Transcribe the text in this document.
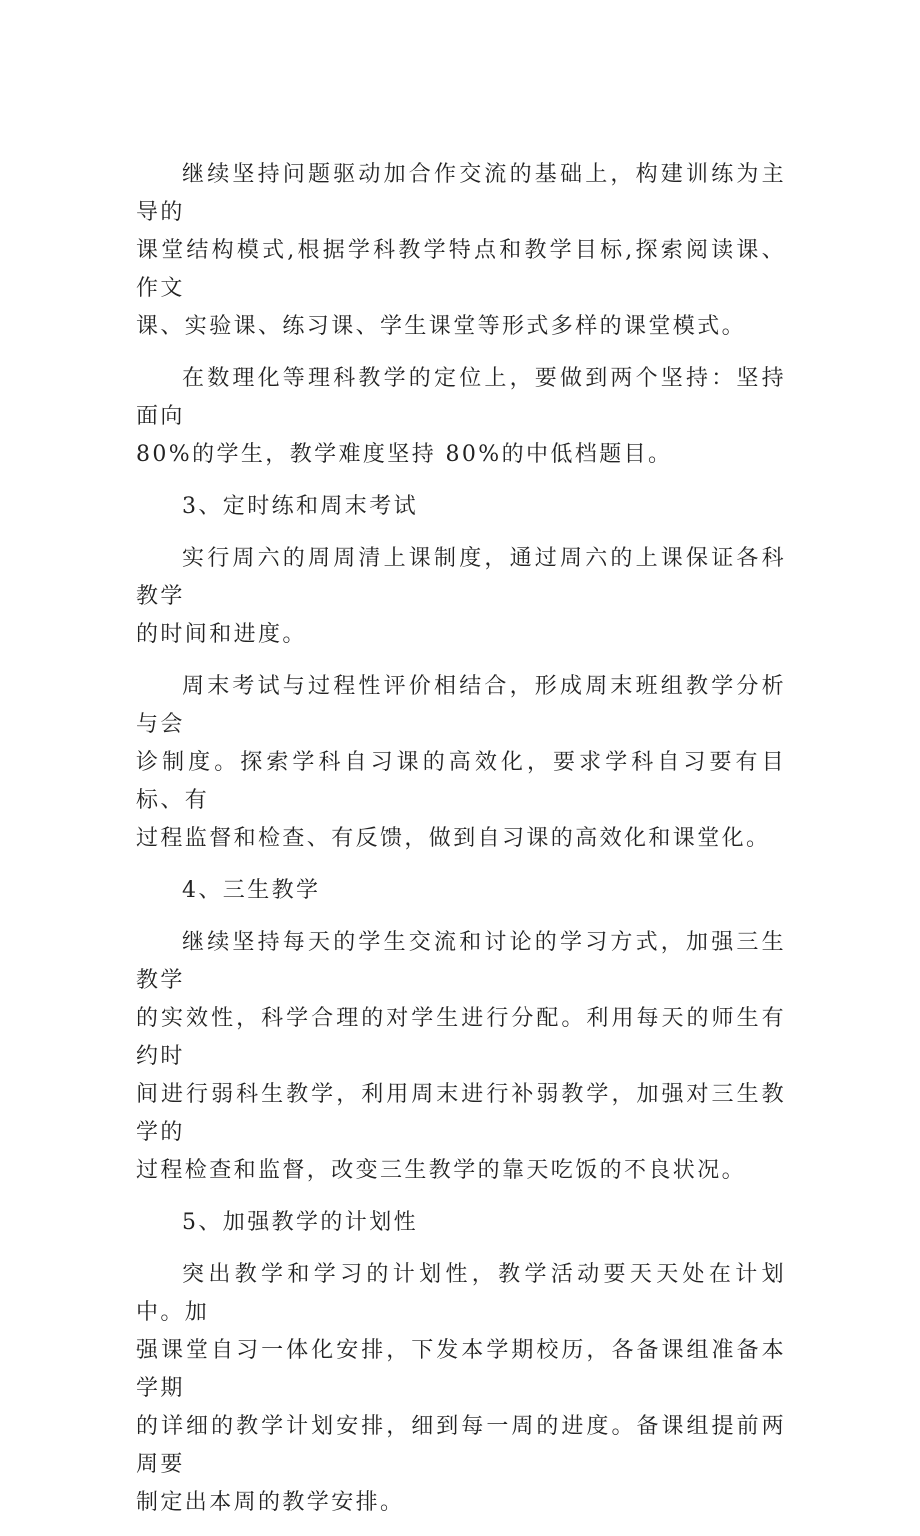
继续坚持问题驱动加合作交流的基础上，构建训练为主导的
课堂结构模式,根据学科教学特点和教学目标,探索阅读课、作文
课、实验课、练习课、学生课堂等形式多样的课堂模式。

在数理化等理科教学的定位上，要做到两个坚持：坚持面向
80%的学生，教学难度坚持 80%的中低档题目。

3、定时练和周末考试

实行周六的周周清上课制度，通过周六的上课保证各科教学
的时间和进度。

周末考试与过程性评价相结合，形成周末班组教学分析与会
诊制度。探索学科自习课的高效化，要求学科自习要有目标、有
过程监督和检查、有反馈，做到自习课的高效化和课堂化。

4、三生教学

继续坚持每天的学生交流和讨论的学习方式，加强三生教学
的实效性，科学合理的对学生进行分配。利用每天的师生有约时
间进行弱科生教学，利用周末进行补弱教学，加强对三生教学的
过程检查和监督，改变三生教学的靠天吃饭的不良状况。

5、加强教学的计划性

突出教学和学习的计划性，教学活动要天天处在计划中。加
强课堂自习一体化安排，下发本学期校历，各备课组准备本学期
的详细的教学计划安排，细到每一周的进度。备课组提前两周要
制定出本周的教学安排。
